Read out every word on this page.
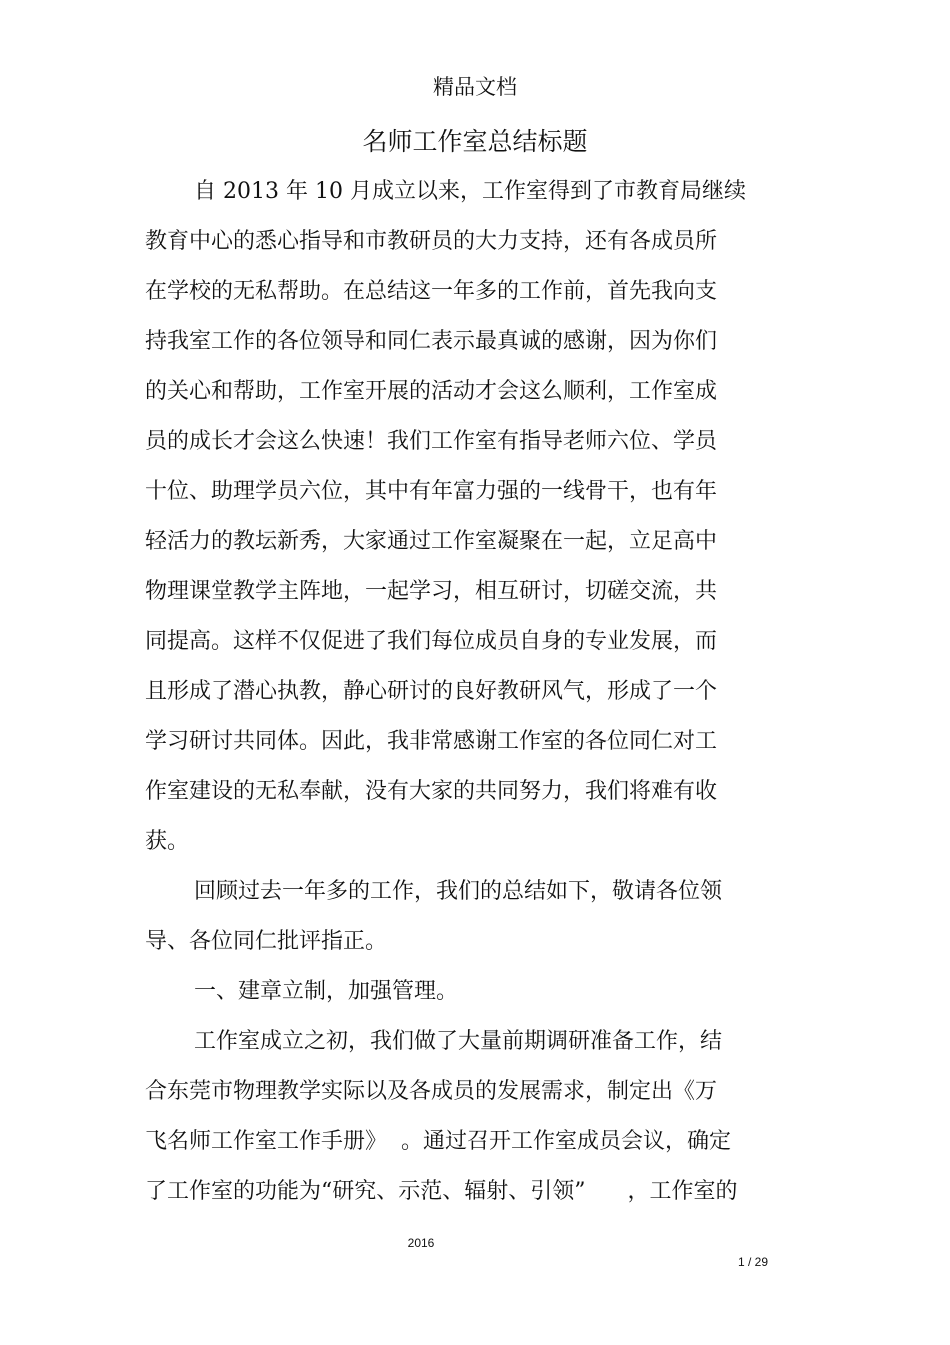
精品文档
名师工作室总结标题
自 2013 年 10 月成立以来，工作室得到了市教育局继续
教育中心的悉心指导和市教研员的大力支持，还有各成员所
在学校的无私帮助。在总结这一年多的工作前，首先我向支
持我室工作的各位领导和同仁表示最真诚的感谢，因为你们
的关心和帮助，工作室开展的活动才会这么顺利，工作室成
员的成长才会这么快速！我们工作室有指导老师六位、学员
十位、助理学员六位，其中有年富力强的一线骨干，也有年
轻活力的教坛新秀，大家通过工作室凝聚在一起，立足高中
物理课堂教学主阵地，一起学习，相互研讨，切磋交流，共
同提高。这样不仅促进了我们每位成员自身的专业发展，而
且形成了潜心执教，静心研讨的良好教研风气，形成了一个
学习研讨共同体。因此，我非常感谢工作室的各位同仁对工
作室建设的无私奉献，没有大家的共同努力，我们将难有收
获。
回顾过去一年多的工作，我们的总结如下，敬请各位领
导、各位同仁批评指正。
一、建章立制，加强管理。
工作室成立之初，我们做了大量前期调研准备工作，结
合东莞市物理教学实际以及各成员的发展需求，制定出《万
飞名师工作室工作手册》  。通过召开工作室成员会议，确定
了工作室的功能为“研究、示范、辐射、引领”      ，工作室的
2016
1 / 29
